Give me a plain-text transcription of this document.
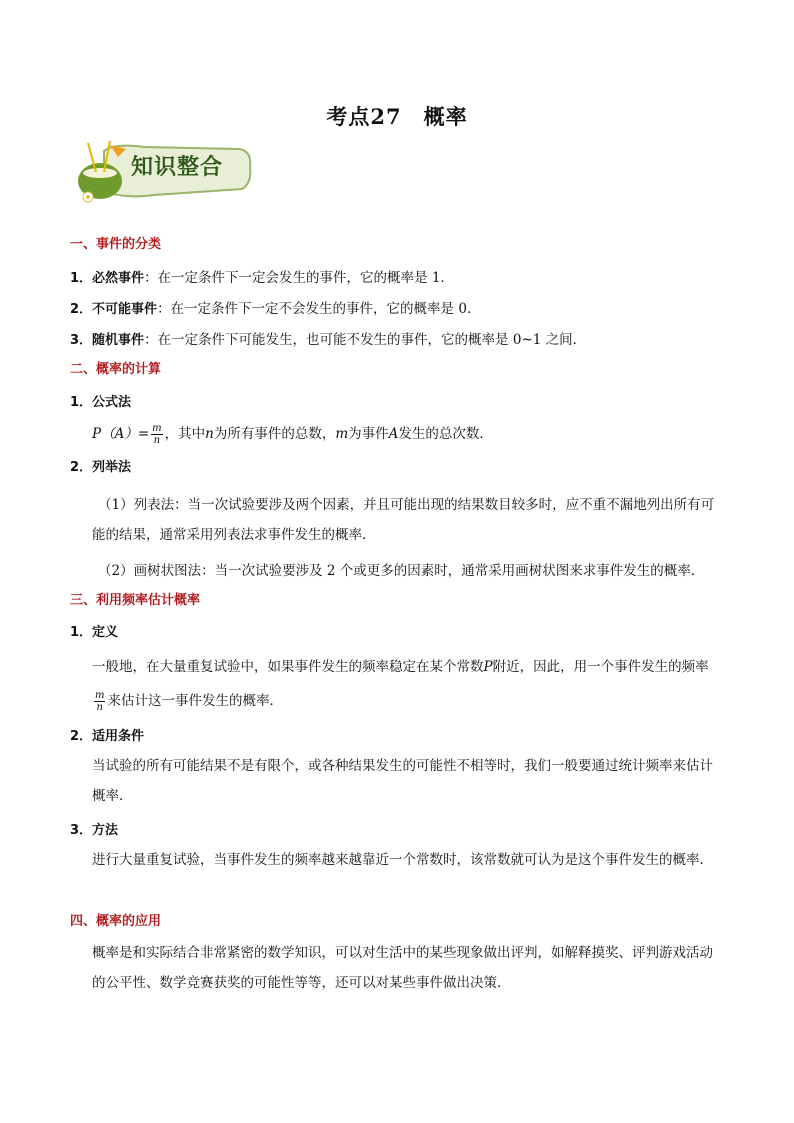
考点27　概率
知识整合
一、事件的分类
1．必然事件：在一定条件下一定会发生的事件，它的概率是 1．
2．不可能事件：在一定条件下一定不会发生的事件，它的概率是 0．
3．随机事件：在一定条件下可能发生，也可能不发生的事件，它的概率是 0~1 之间．
二、概率的计算
1．公式法
$P(A)= \frac{m}{n}$ ，其中n为所有事件的总数，m为事件A发生的总次数．
2．列举法
（1）列表法：当一次试验要涉及两个因素，并且可能出现的结果数目较多时，应不重不漏地列出所有可能的结果，通常采用列表法求事件发生的概率．
（2）画树状图法：当一次试验要涉及 2 个或更多的因素时，通常采用画树状图来求事件发生的概率．
三、利用频率估计概率
1．定义
一般地，在大量重复试验中，如果事件发生的频率稳定在某个常数P附近，因此，用一个事件发生的频率
$\frac{m}{n}$ 来估计这一事件发生的概率．
2．适用条件
当试验的所有可能结果不是有限个，或各种结果发生的可能性不相等时，我们一般要通过统计频率来估计概率．
3．方法
进行大量重复试验，当事件发生的频率越来越靠近一个常数时，该常数就可认为是这个事件发生的概率．
四、概率的应用
概率是和实际结合非常紧密的数学知识，可以对生活中的某些现象做出评判，如解释摸奖、评判游戏活动的公平性、数学竞赛获奖的可能性等等，还可以对某些事件做出决策．
